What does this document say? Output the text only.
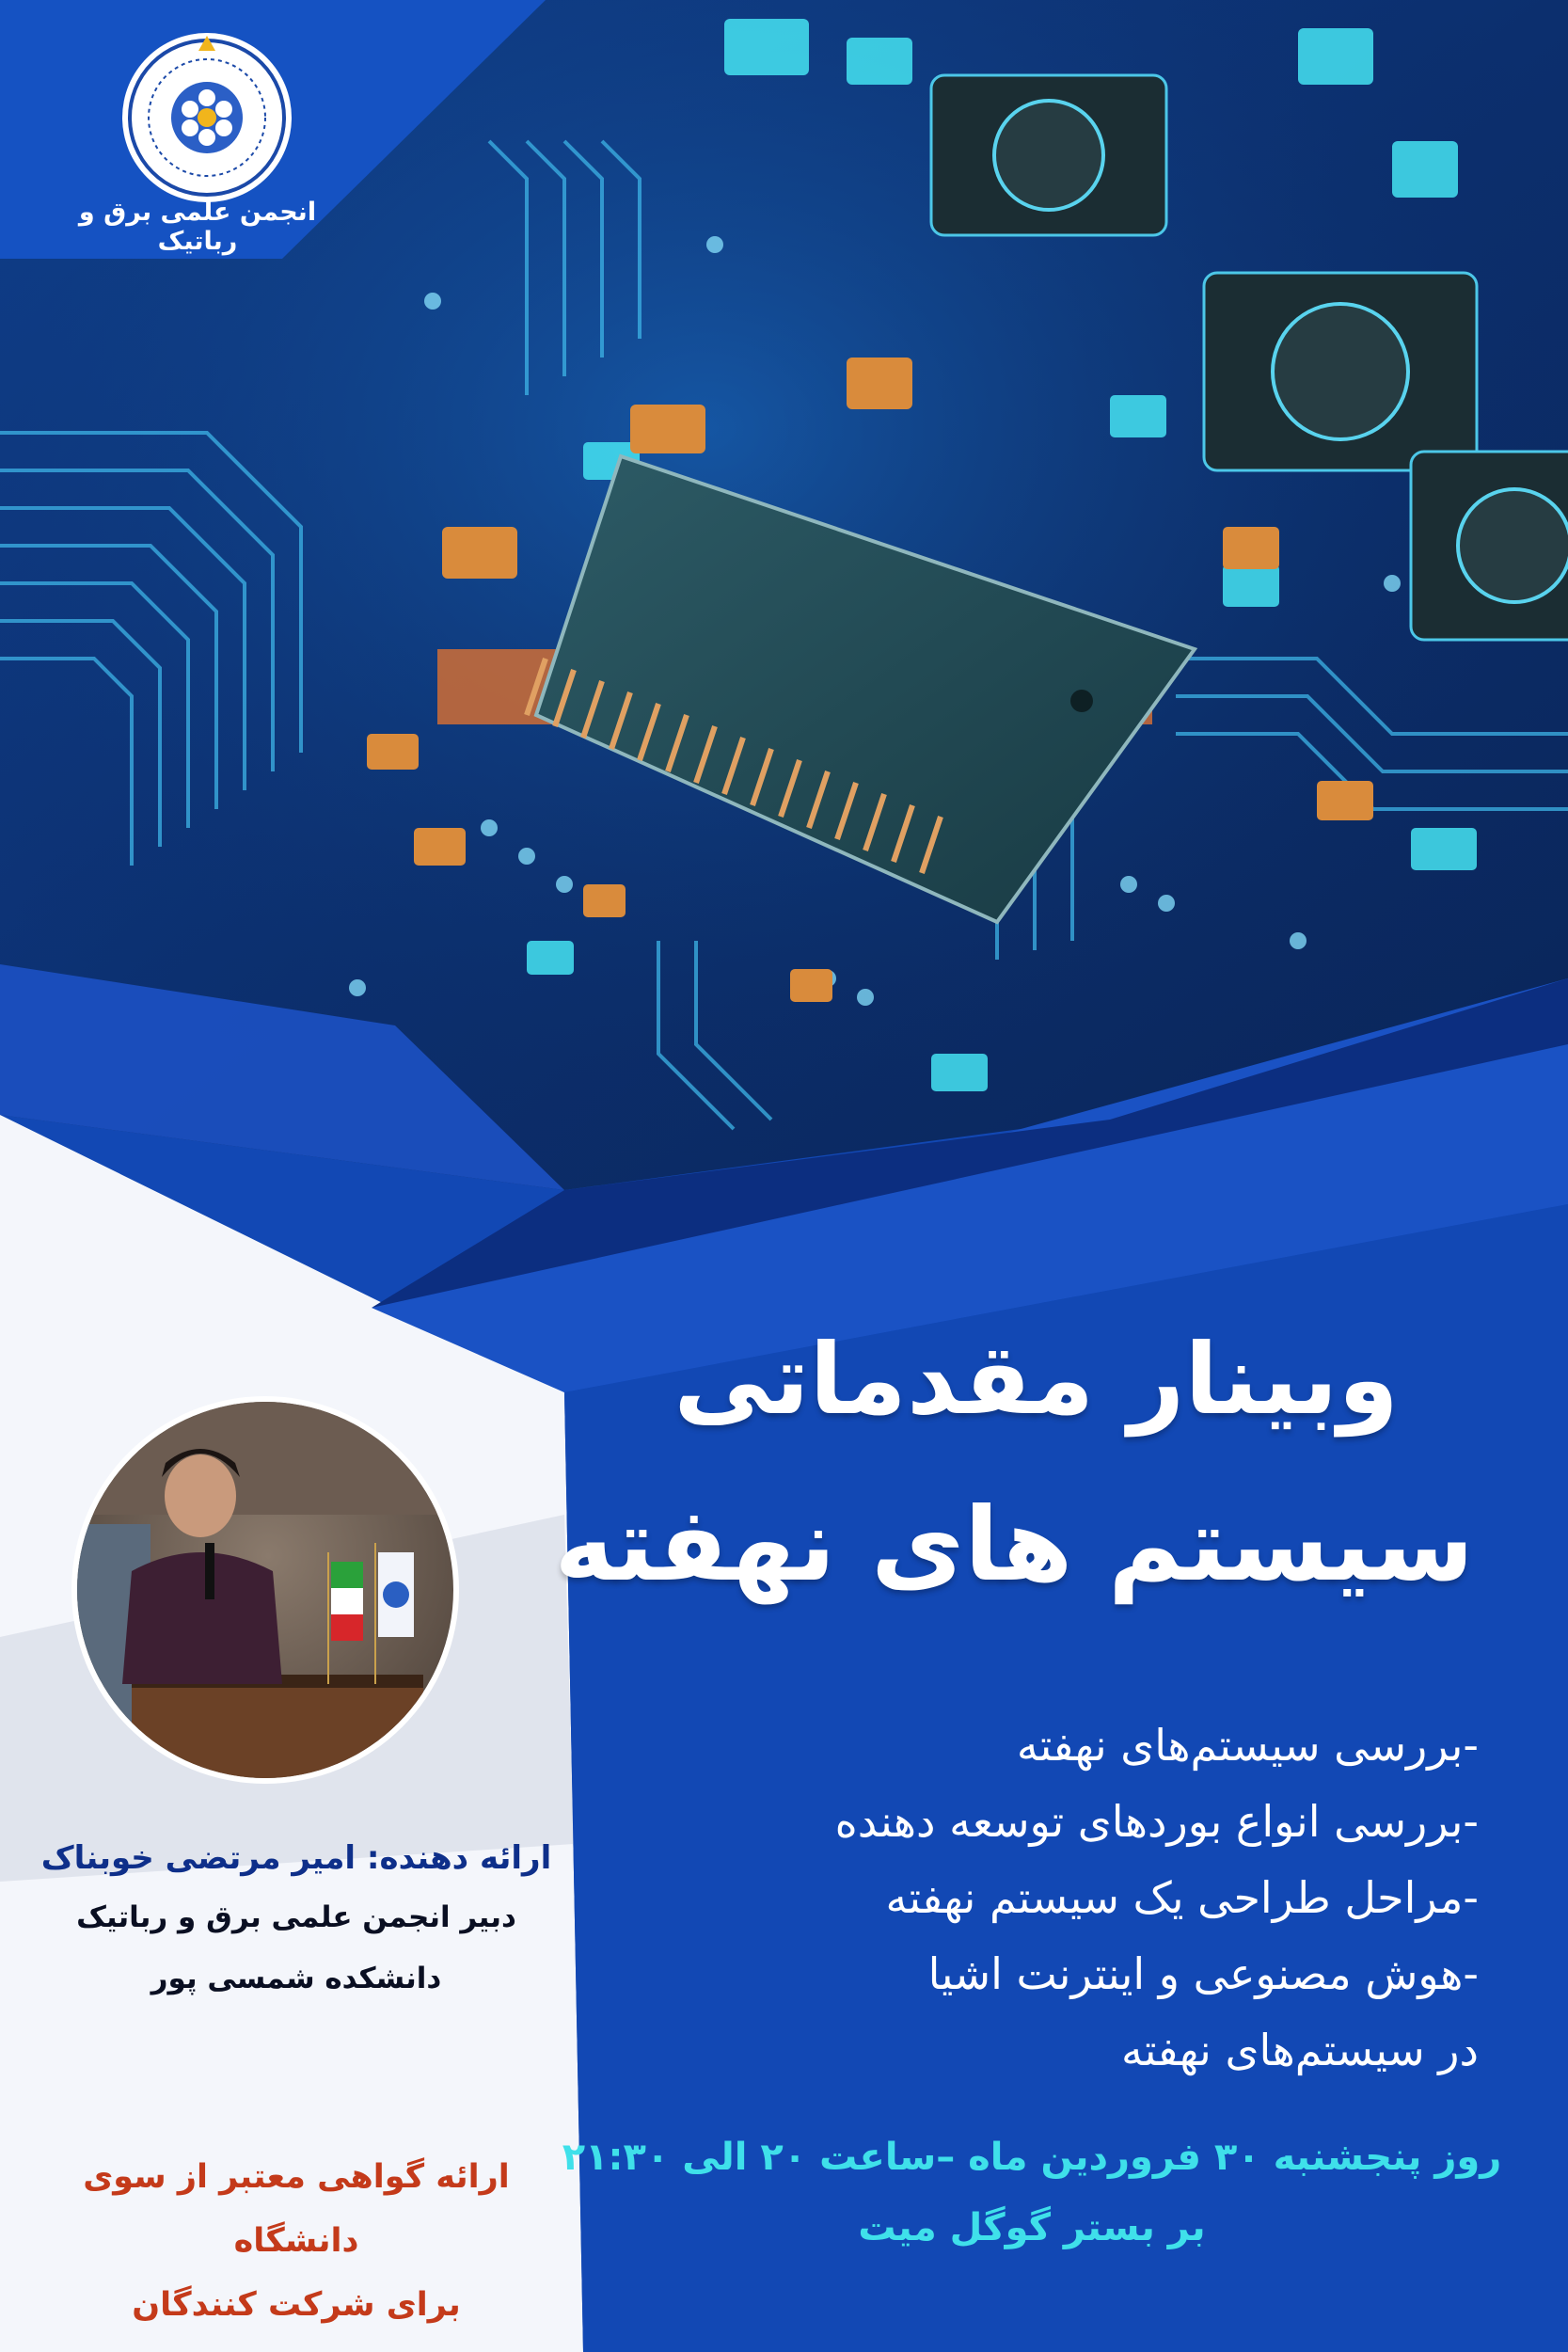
انجمن علمی برق و رباتیک
وبینار مقدماتی
سیستم های نهفته
-بررسی سیستم‌های نهفته
-بررسی انواع بوردهای توسعه دهنده
-مراحل طراحی یک سیستم نهفته
-هوش مصنوعی و اینترنت اشیا
در سیستم‌های نهفته
روز پنجشنبه ۳۰ فروردین ماه –ساعت ۲۰ الی ۲۱:۳۰
بر بستر گوگل میت
ارائه دهنده: امیر مرتضی خوبناک
دبیر انجمن علمی برق و رباتیک
دانشکده شمسی پور
ارائه گواهی معتبر از سوی دانشگاه
برای شرکت کنندگان
